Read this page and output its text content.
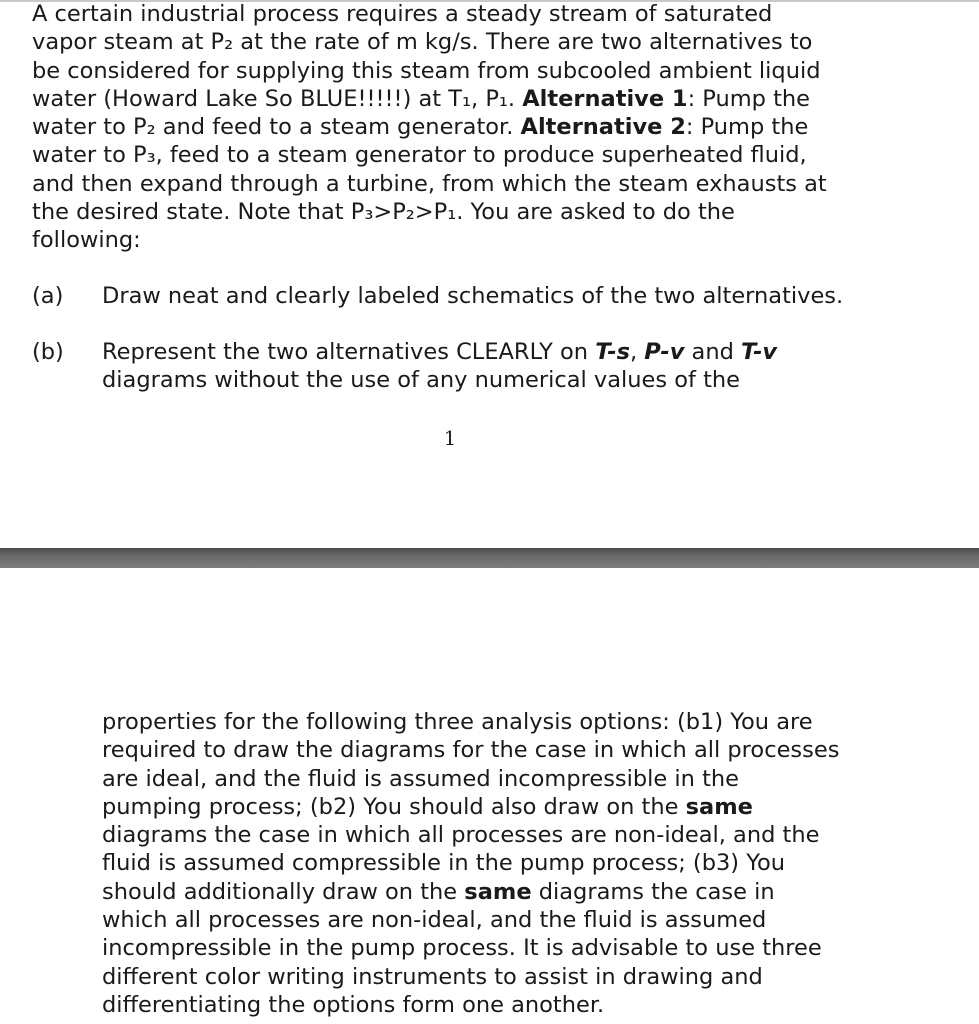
A certain industrial process requires a steady stream of saturated
vapor steam at P₂ at the rate of m kg/s. There are two alternatives to
be considered for supplying this steam from subcooled ambient liquid
water (Howard Lake So BLUE!!!!!) at T₁, P₁. Alternative 1: Pump the
water to P₂ and feed to a steam generator. Alternative 2: Pump the
water to P₃, feed to a steam generator to produce superheated fluid,
and then expand through a turbine, from which the steam exhausts at
the desired state. Note that P₃>P₂>P₁. You are asked to do the
following:

(a) Draw neat and clearly labeled schematics of the two alternatives.
(b) Represent the two alternatives CLEARLY on T-s, P-v and T-v
diagrams without the use of any numerical values of the
1

properties for the following three analysis options: (b1) You are
required to draw the diagrams for the case in which all processes
are ideal, and the fluid is assumed incompressible in the
pumping process; (b2) You should also draw on the same
diagrams the case in which all processes are non-ideal, and the
fluid is assumed compressible in the pump process; (b3) You
should additionally draw on the same diagrams the case in
which all processes are non-ideal, and the fluid is assumed
incompressible in the pump process. It is advisable to use three
different color writing instruments to assist in drawing and
differentiating the options form one another.
